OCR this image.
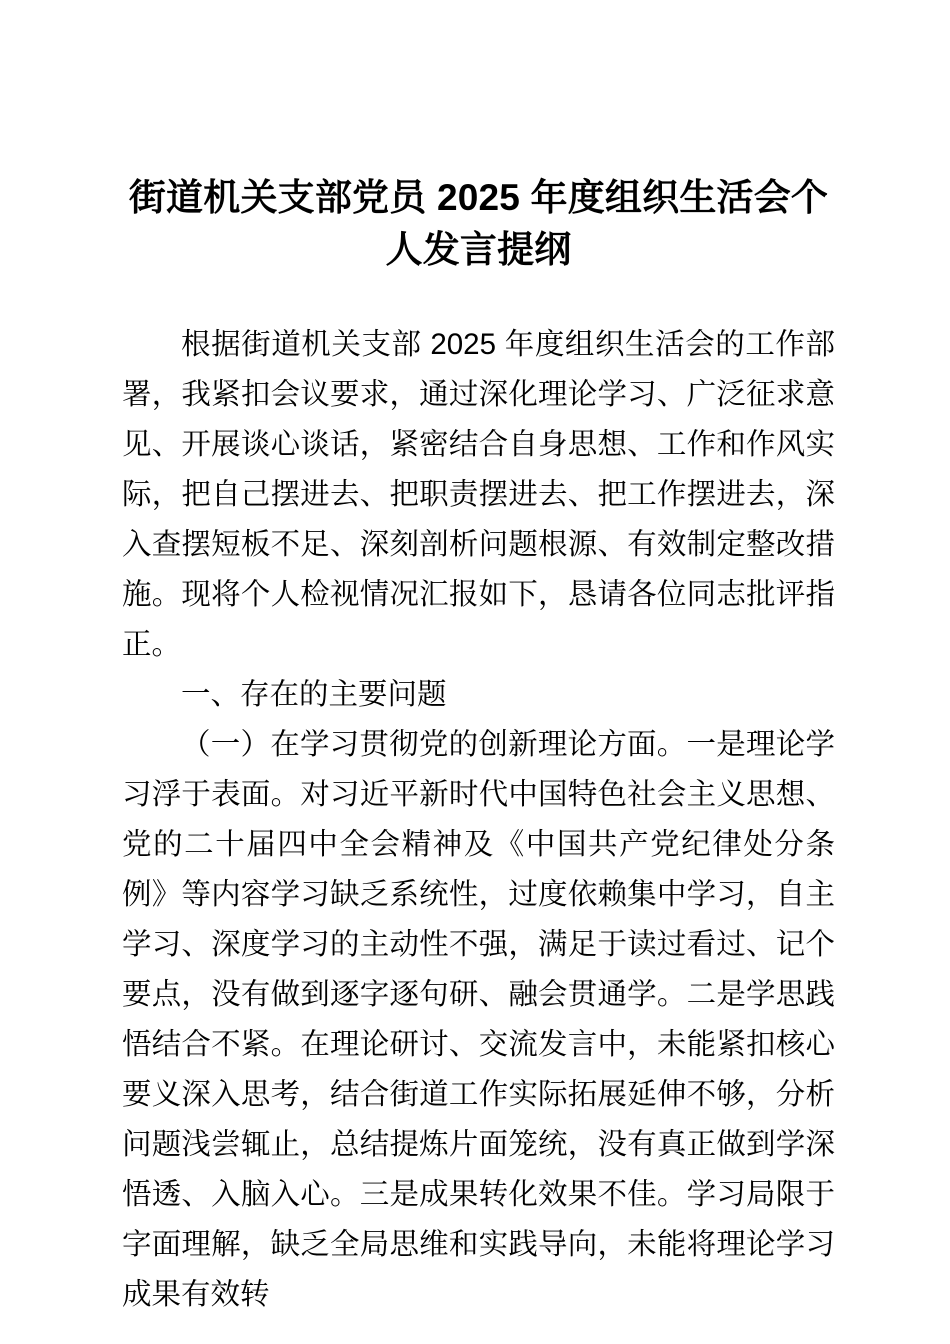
街道机关支部党员 2025 年度组织生活会个人发言提纲

根据街道机关支部 2025 年度组织生活会的工作部署，我紧扣会议要求，通过深化理论学习、广泛征求意见、开展谈心谈话，紧密结合自身思想、工作和作风实际，把自己摆进去、把职责摆进去、把工作摆进去，深入查摆短板不足、深刻剖析问题根源、有效制定整改措施。现将个人检视情况汇报如下，恳请各位同志批评指正。

一、存在的主要问题

（一）在学习贯彻党的创新理论方面。一是理论学习浮于表面。对习近平新时代中国特色社会主义思想、党的二十届四中全会精神及《中国共产党纪律处分条例》等内容学习缺乏系统性，过度依赖集中学习，自主学习、深度学习的主动性不强，满足于读过看过、记个要点，没有做到逐字逐句研、融会贯通学。二是学思践悟结合不紧。在理论研讨、交流发言中，未能紧扣核心要义深入思考，结合街道工作实际拓展延伸不够，分析问题浅尝辄止，总结提炼片面笼统，没有真正做到学深悟透、入脑入心。三是成果转化效果不佳。学习局限于字面理解，缺乏全局思维和实践导向，未能将理论学习成果有效转
